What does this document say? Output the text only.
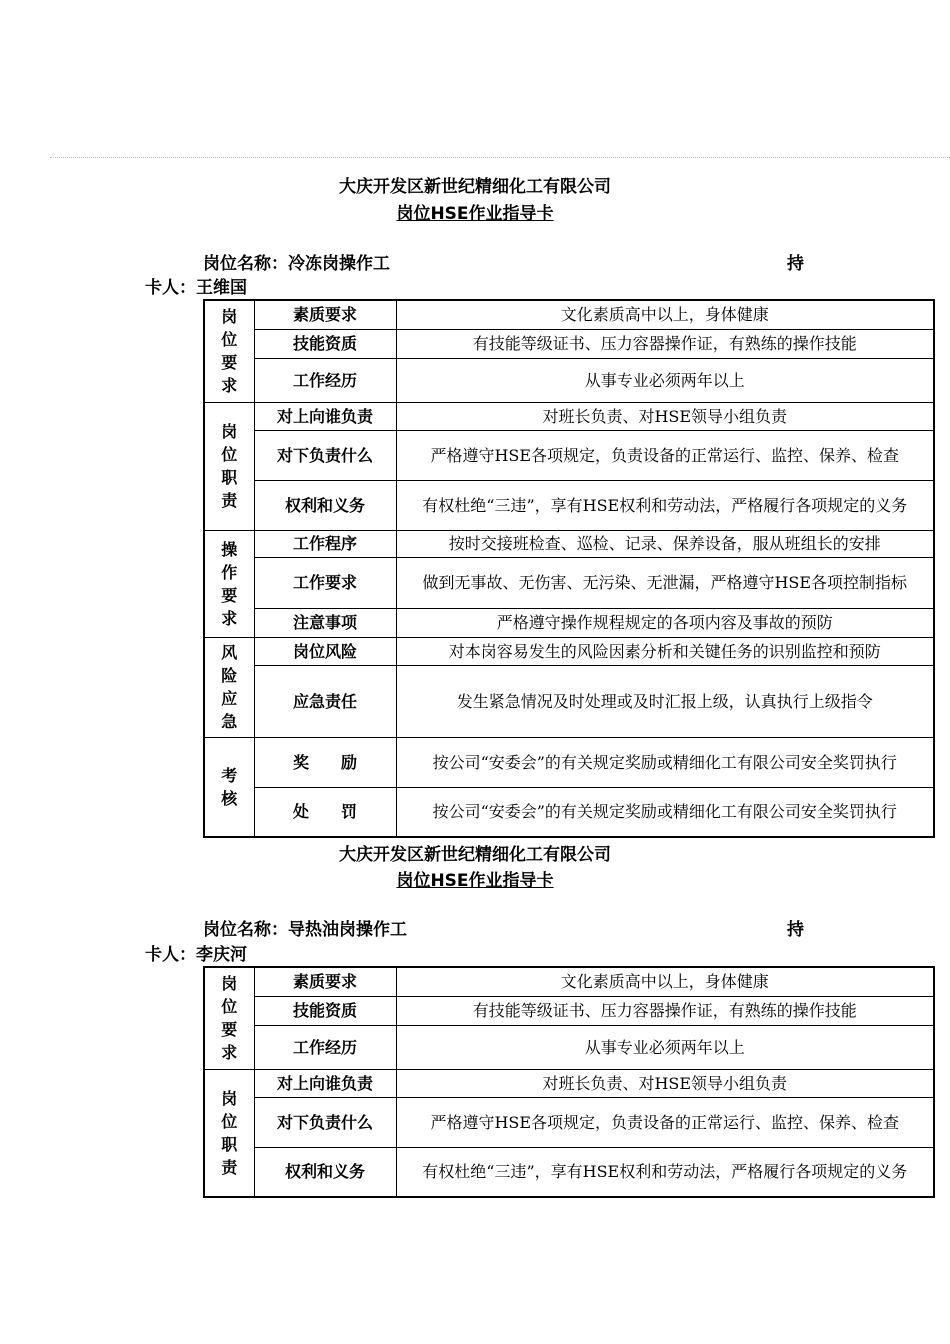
大庆开发区新世纪精细化工有限公司
岗位HSE作业指导卡
岗位名称：冷冻岗操作工	持
卡人：王维国
岗
位
要
求	素质要求	文化素质高中以上，身体健康
	技能资质	有技能等级证书、压力容器操作证，有熟练的操作技能
	工作经历	从事专业必须两年以上

岗
位
职
责	对上向谁负责	对班长负责、对HSE领导小组负责
	对下负责什么	严格遵守HSE各项规定，负责设备的正常运行、监控、保养、检查
	权利和义务	有权杜绝“三违”，享有HSE权利和劳动法，严格履行各项规定的义务

操
作
要
求	工作程序	按时交接班检查、巡检、记录、保养设备，服从班组长的安排
	工作要求	做到无事故、无伤害、无污染、无泄漏，严格遵守HSE各项控制指标
	注意事项	严格遵守操作规程规定的各项内容及事故的预防

风
险
应
急	岗位风险	对本岗容易发生的风险因素分析和关键任务的识别监控和预防
	应急责任	发生紧急情况及时处理或及时汇报上级，认真执行上级指令

考
核	奖　　励	按公司“安委会”的有关规定奖励或精细化工有限公司安全奖罚执行
	处　　罚	按公司“安委会”的有关规定奖励或精细化工有限公司安全奖罚执行
大庆开发区新世纪精细化工有限公司
岗位HSE作业指导卡
岗位名称：导热油岗操作工	持
卡人：李庆河
岗
位
要
求	素质要求	文化素质高中以上，身体健康
	技能资质	有技能等级证书、压力容器操作证，有熟练的操作技能
	工作经历	从事专业必须两年以上

岗
位
职
责	对上向谁负责	对班长负责、对HSE领导小组负责
	对下负责什么	严格遵守HSE各项规定，负责设备的正常运行、监控、保养、检查
	权利和义务	有权杜绝“三违”，享有HSE权利和劳动法，严格履行各项规定的义务
